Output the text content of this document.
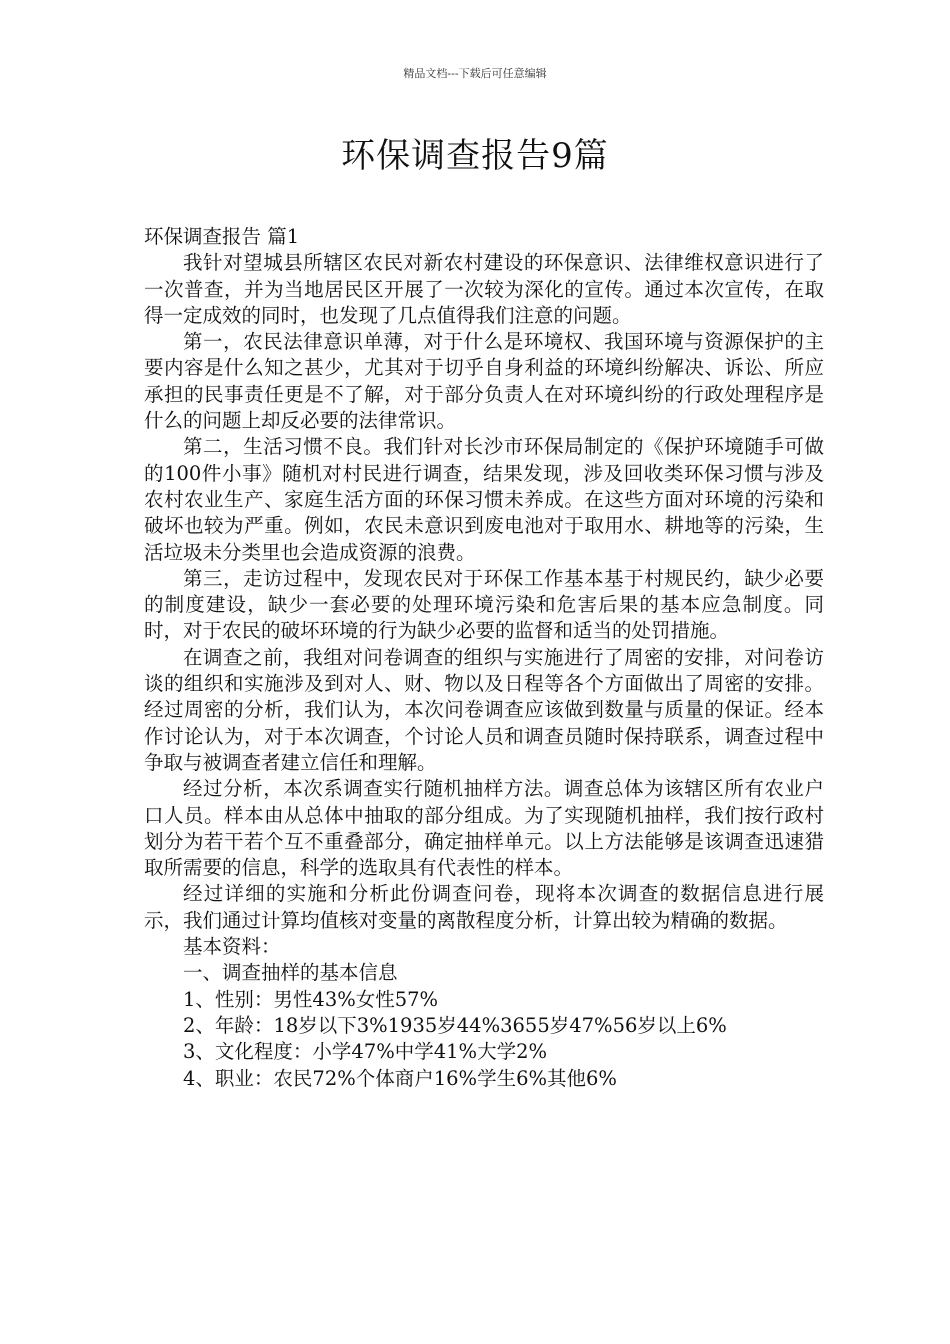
精品文档---下载后可任意编辑
环保调查报告9篇

环保调查报告 篇1

我针对望城县所辖区农民对新农村建设的环保意识、法律维权意识进行了一次普查，并为当地居民区开展了一次较为深化的宣传。通过本次宣传，在取得一定成效的同时，也发现了几点值得我们注意的问题。

第一，农民法律意识单薄，对于什么是环境权、我国环境与资源保护的主要内容是什么知之甚少，尤其对于切乎自身利益的环境纠纷解决、诉讼、所应承担的民事责任更是不了解，对于部分负责人在对环境纠纷的行政处理程序是什么的问题上却反必要的法律常识。

第二，生活习惯不良。我们针对长沙市环保局制定的《保护环境随手可做的100件小事》随机对村民进行调查，结果发现，涉及回收类环保习惯与涉及农村农业生产、家庭生活方面的环保习惯未养成。在这些方面对环境的污染和破坏也较为严重。例如，农民未意识到废电池对于取用水、耕地等的污染，生活垃圾未分类里也会造成资源的浪费。

第三，走访过程中，发现农民对于环保工作基本基于村规民约，缺少必要的制度建设，缺少一套必要的处理环境污染和危害后果的基本应急制度。同时，对于农民的破坏环境的行为缺少必要的监督和适当的处罚措施。

在调查之前，我组对问卷调查的组织与实施进行了周密的安排，对问卷访谈的组织和实施涉及到对人、财、物以及日程等各个方面做出了周密的安排。经过周密的分析，我们认为，本次问卷调查应该做到数量与质量的保证。经本作讨论认为，对于本次调查，个讨论人员和调查员随时保持联系，调查过程中争取与被调查者建立信任和理解。

经过分析，本次系调查实行随机抽样方法。调查总体为该辖区所有农业户口人员。样本由从总体中抽取的部分组成。为了实现随机抽样，我们按行政村划分为若干若个互不重叠部分，确定抽样单元。以上方法能够是该调查迅速猎取所需要的信息，科学的选取具有代表性的样本。

经过详细的实施和分析此份调查问卷，现将本次调查的数据信息进行展示，我们通过计算均值核对变量的离散程度分析，计算出较为精确的数据。

基本资料：
一、调查抽样的基本信息
1、性别：男性43%女性57%
2、年龄：18岁以下3%1935岁44%3655岁47%56岁以上6%
3、文化程度：小学47%中学41%大学2%
4、职业：农民72%个体商户16%学生6%其他6%
